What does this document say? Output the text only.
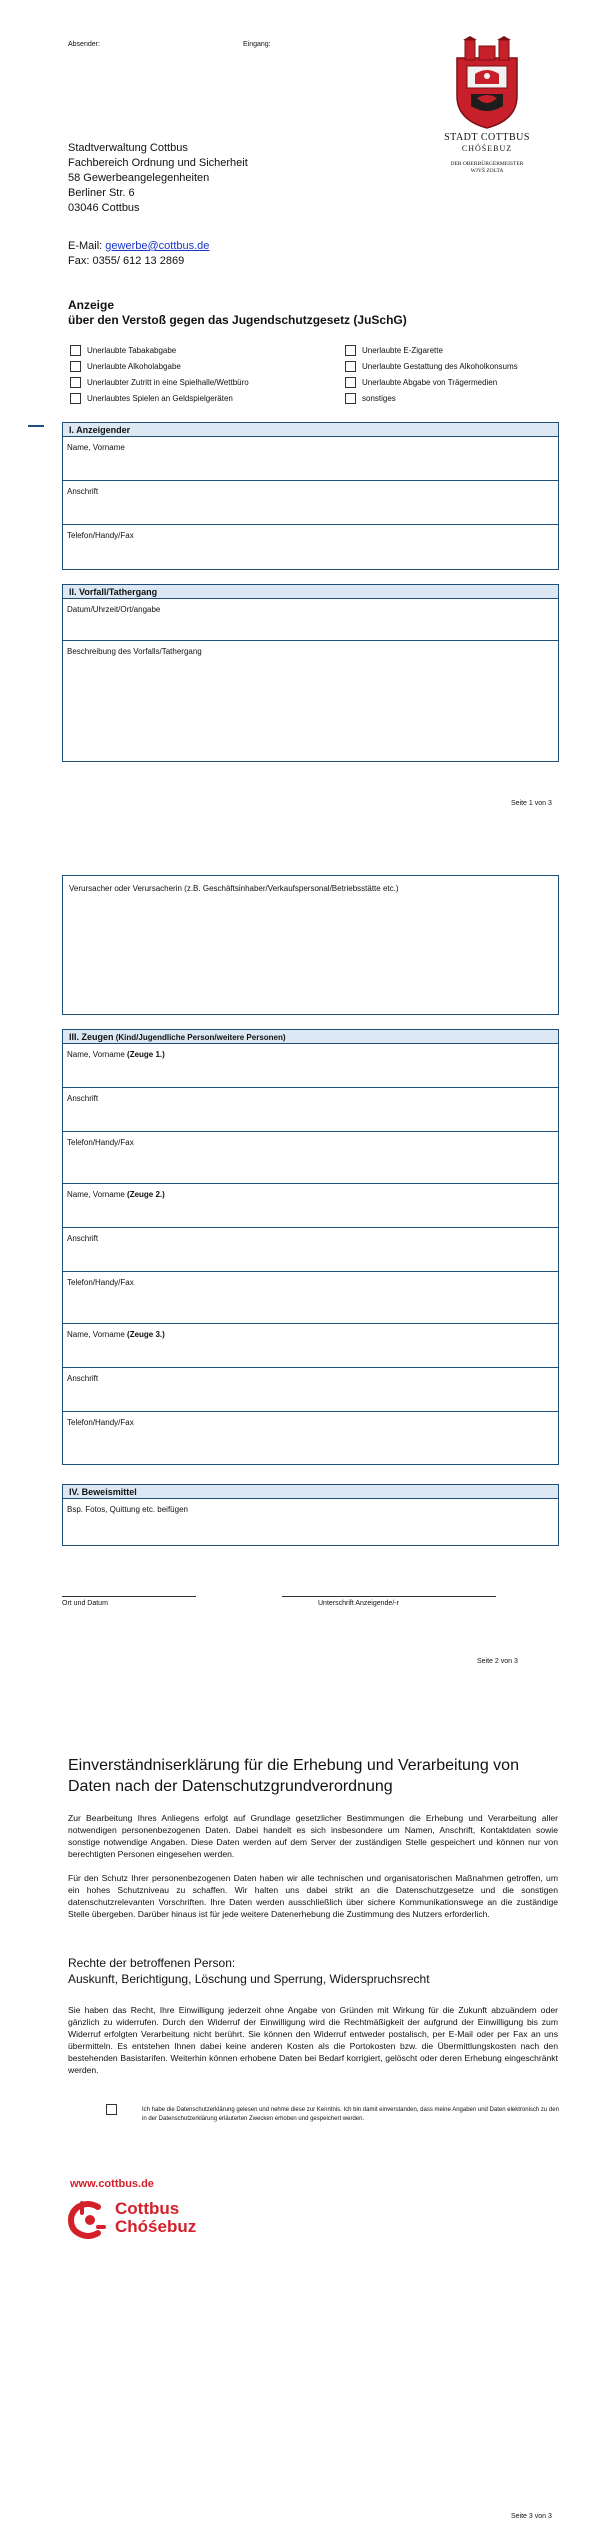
Absender:	Eingang:
STADT COTTBUS
CHÓŚEBUZ
DER OBERBÜRGERMEISTER
WJYŠ ZOLTA
Stadtverwaltung Cottbus
Fachbereich Ordnung und Sicherheit
58 Gewerbeangelegenheiten
Berliner Str. 6
03046 Cottbus
E-Mail: gewerbe@cottbus.de
Fax: 0355/ 612 13 2869
Anzeige
über den Verstoß gegen das Jugendschutzgesetz (JuSchG)
Unerlaubte Tabakabgabe
Unerlaubte Alkoholabgabe
Unerlaubter Zutritt in eine Spielhalle/Wettbüro
Unerlaubtes Spielen an Geldspielgeräten
Unerlaubte E-Zigarette
Unerlaubte Gestattung des Alkoholkonsums
Unerlaubte Abgabe von Trägermedien
sonstiges
I. Anzeigender
Name, Vorname
Anschrift
Telefon/Handy/Fax
II. Vorfall/Tathergang
Datum/Uhrzeit/Ort/angabe
Beschreibung des Vorfalls/Tathergang
Seite 1 von 3
Verursacher oder Verursacherin (z.B. Geschäftsinhaber/Verkaufspersonal/Betriebsstätte etc.)
III. Zeugen (Kind/Jugendliche Person/weitere Personen)
Name, Vorname (Zeuge 1.)
Anschrift
Telefon/Handy/Fax
Name, Vorname (Zeuge 2.)
Anschrift
Telefon/Handy/Fax
Name, Vorname (Zeuge 3.)
Anschrift
Telefon/Handy/Fax
IV. Beweismittel
Bsp. Fotos, Quittung etc. beifügen
Ort und Datum	Unterschrift Anzeigende/-r
Seite 2 von 3
Einverständniserklärung für die Erhebung und Verarbeitung von Daten nach der Datenschutzgrundverordnung
Zur Bearbeitung Ihres Anliegens erfolgt auf Grundlage gesetzlicher Bestimmungen die Erhebung und Verarbeitung aller notwendigen personenbezogenen Daten. Dabei handelt es sich insbesondere um Namen, Anschrift, Kontaktdaten sowie sonstige notwendige Angaben. Diese Daten werden auf dem Server der zuständigen Stelle gespeichert und können nur von berechtigten Personen eingesehen werden.
Für den Schutz Ihrer personenbezogenen Daten haben wir alle technischen und organisatorischen Maßnahmen getroffen, um ein hohes Schutzniveau zu schaffen. Wir halten uns dabei strikt an die Datenschutzgesetze und die sonstigen datenschutzrelevanten Vorschriften. Ihre Daten werden ausschließlich über sichere Kommunikationswege an die zuständige Stelle übergeben. Darüber hinaus ist für jede weitere Datenerhebung die Zustimmung des Nutzers erforderlich.
Rechte der betroffenen Person:
Auskunft, Berichtigung, Löschung und Sperrung, Widerspruchsrecht
Sie haben das Recht, Ihre Einwilligung jederzeit ohne Angabe von Gründen mit Wirkung für die Zukunft abzuändern oder gänzlich zu widerrufen. Durch den Widerruf der Einwilligung wird die Rechtmäßigkeit der aufgrund der Einwilligung bis zum Widerruf erfolgten Verarbeitung nicht berührt. Sie können den Widerruf entweder postalisch, per E-Mail oder per Fax an uns übermitteln. Es entstehen Ihnen dabei keine anderen Kosten als die Portokosten bzw. die Übermittlungskosten nach den bestehenden Basistarifen. Weiterhin können erhobene Daten bei Bedarf korrigiert, gelöscht oder deren Erhebung eingeschränkt werden.
Ich habe die Datenschutzerklärung gelesen und nehme diese zur Kenntnis. Ich bin damit einverstanden, dass meine Angaben und Daten elektronisch zu den in der Datenschutzerklärung erläuterten Zwecken erhoben und gespeichert werden.
www.cottbus.de
Cottbus
Chóśebuz
Seite 3 von 3
